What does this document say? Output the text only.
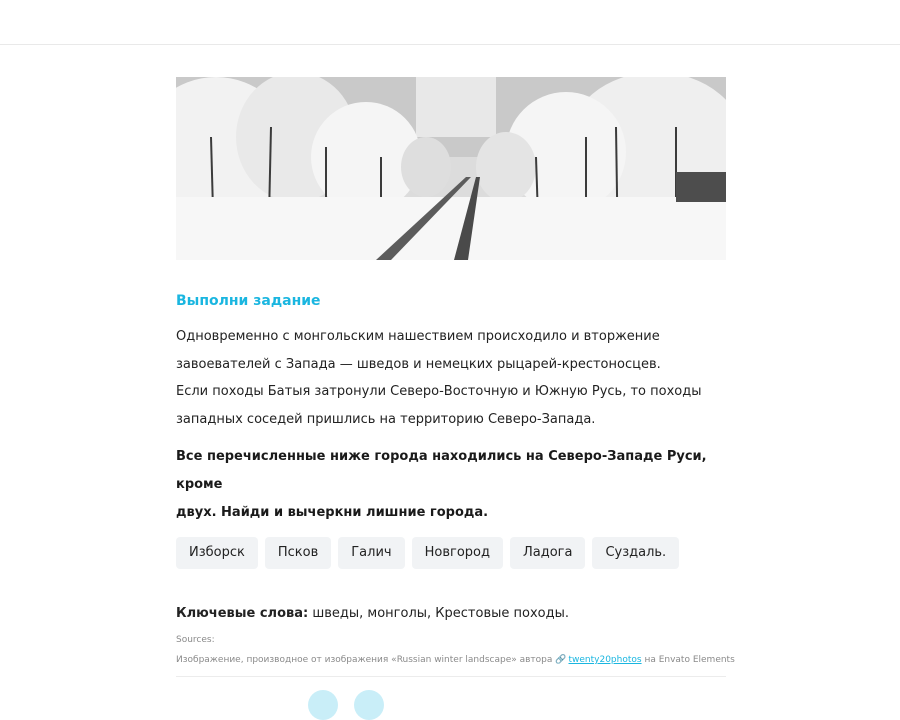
Выполни задание

Одновременно с монгольским нашествием происходило и вторжение

завоевателей с Запада — шведов и немецких рыцарей-крестоносцев.

Если походы Батыя затронули Северо-Восточную и Южную Русь, то походы

западных соседей пришлись на территорию Северо-Запада.

Все перечисленные ниже города находились на Северо-Западе Руси, кроме
двух. Найди и вычеркни лишние города.
Изборск	Псков	Галич	Новгород	Ладога	Суздаль.
Ключевые слова: шведы, монголы, Крестовые походы.
Sources:
Изображение, производное от изображения «Russian winter landscape» автора 🔗 twenty20photos на Envato Elements
